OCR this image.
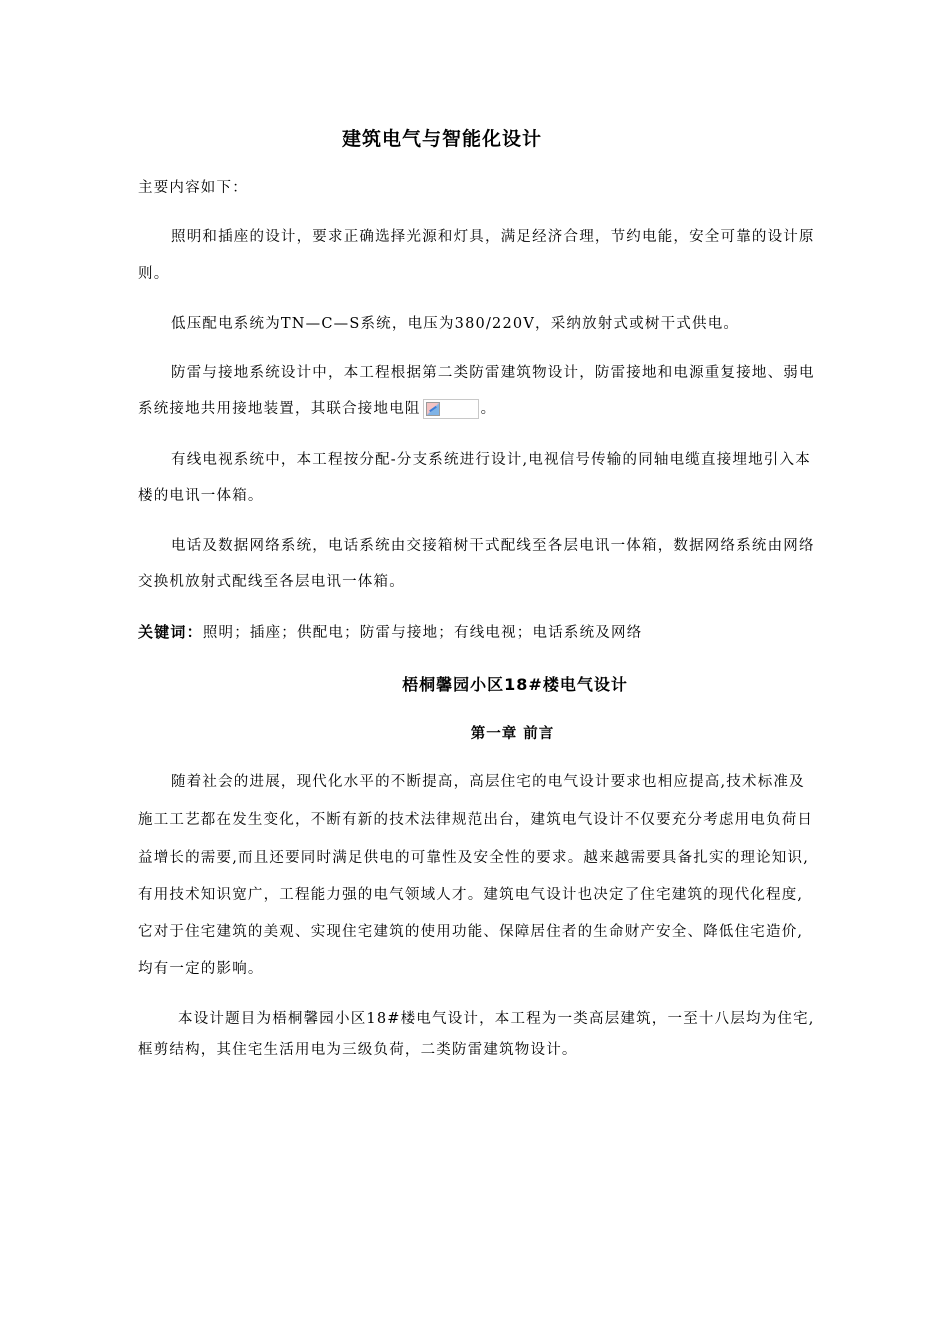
建筑电气与智能化设计
主要内容如下：
照明和插座的设计，要求正确选择光源和灯具，满足经济合理，节约电能，安全可靠的设计原
则。
低压配电系统为TN—C—S系统，电压为380/220V，采纳放射式或树干式供电。
防雷与接地系统设计中，本工程根据第二类防雷建筑物设计，防雷接地和电源重复接地、弱电
系统接地共用接地装置，其联合接地电阻	。
有线电视系统中，本工程按分配-分支系统进行设计,电视信号传输的同轴电缆直接埋地引入本
楼的电讯一体箱。
电话及数据网络系统，电话系统由交接箱树干式配线至各层电讯一体箱，数据网络系统由网络
交换机放射式配线至各层电讯一体箱。
关键词：照明；插座；供配电；防雷与接地；有线电视；电话系统及网络
梧桐馨园小区18#楼电气设计
第一章 前言
随着社会的进展，现代化水平的不断提高，高层住宅的电气设计要求也相应提高,技术标准及
施工工艺都在发生变化，不断有新的技术法律规范出台，建筑电气设计不仅要充分考虑用电负荷日
益增长的需要,而且还要同时满足供电的可靠性及安全性的要求。越来越需要具备扎实的理论知识,
有用技术知识宽广，工程能力强的电气领域人才。建筑电气设计也决定了住宅建筑的现代化程度,
它对于住宅建筑的美观、实现住宅建筑的使用功能、保障居住者的生命财产安全、降低住宅造价,
均有一定的影响。
本设计题目为梧桐馨园小区18#楼电气设计，本工程为一类高层建筑，一至十八层均为住宅,
框剪结构，其住宅生活用电为三级负荷，二类防雷建筑物设计。
